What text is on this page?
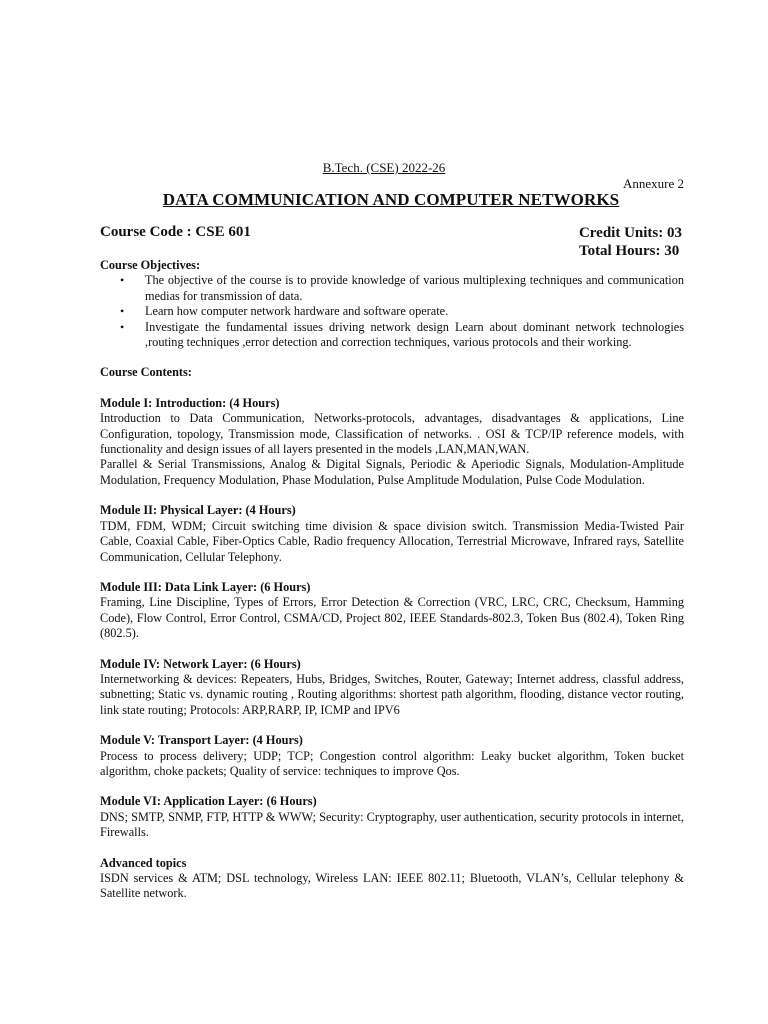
B.Tech. (CSE) 2022-26
Annexure 2
DATA COMMUNICATION AND COMPUTER NETWORKS
Course Code : CSE 601	Credit Units: 03
Total Hours: 30
Course Objectives:
• The objective of the course is to provide knowledge of various multiplexing techniques and communication medias for transmission of data.
• Learn how computer network hardware and software operate.
• Investigate the fundamental issues driving network design Learn about dominant network technologies ,routing techniques ,error detection and correction techniques, various protocols and their working.
Course Contents:
Module I: Introduction: (4 Hours)
Introduction to Data Communication, Networks-protocols, advantages, disadvantages & applications, Line Configuration, topology, Transmission mode, Classification of networks. . OSI & TCP/IP reference models, with functionality and design issues of all layers presented in the models ,LAN,MAN,WAN.
Parallel & Serial Transmissions, Analog & Digital Signals, Periodic & Aperiodic Signals, Modulation-Amplitude Modulation, Frequency Modulation, Phase Modulation, Pulse Amplitude Modulation, Pulse Code Modulation.
Module II: Physical Layer: (4 Hours)
TDM, FDM, WDM; Circuit switching time division & space division switch. Transmission Media-Twisted Pair Cable, Coaxial Cable, Fiber-Optics Cable, Radio frequency Allocation, Terrestrial Microwave, Infrared rays, Satellite Communication, Cellular Telephony.
Module III: Data Link Layer: (6 Hours)
Framing, Line Discipline, Types of Errors, Error Detection & Correction (VRC, LRC, CRC, Checksum, Hamming Code), Flow Control, Error Control, CSMA/CD, Project 802, IEEE Standards-802.3, Token Bus (802.4), Token Ring (802.5).
Module IV: Network Layer: (6 Hours)
Internetworking & devices: Repeaters, Hubs, Bridges, Switches, Router, Gateway; Internet address, classful address, subnetting; Static vs. dynamic routing , Routing algorithms: shortest path algorithm, flooding, distance vector routing, link state routing; Protocols: ARP,RARP, IP, ICMP and IPV6
Module V: Transport Layer: (4 Hours)
Process to process delivery; UDP; TCP; Congestion control algorithm: Leaky bucket algorithm, Token bucket algorithm, choke packets; Quality of service: techniques to improve Qos.
Module VI: Application Layer: (6 Hours)
DNS; SMTP, SNMP, FTP, HTTP & WWW; Security: Cryptography, user authentication, security protocols in internet, Firewalls.
Advanced topics
ISDN services & ATM; DSL technology, Wireless LAN: IEEE 802.11; Bluetooth, VLAN’s, Cellular telephony & Satellite network.
